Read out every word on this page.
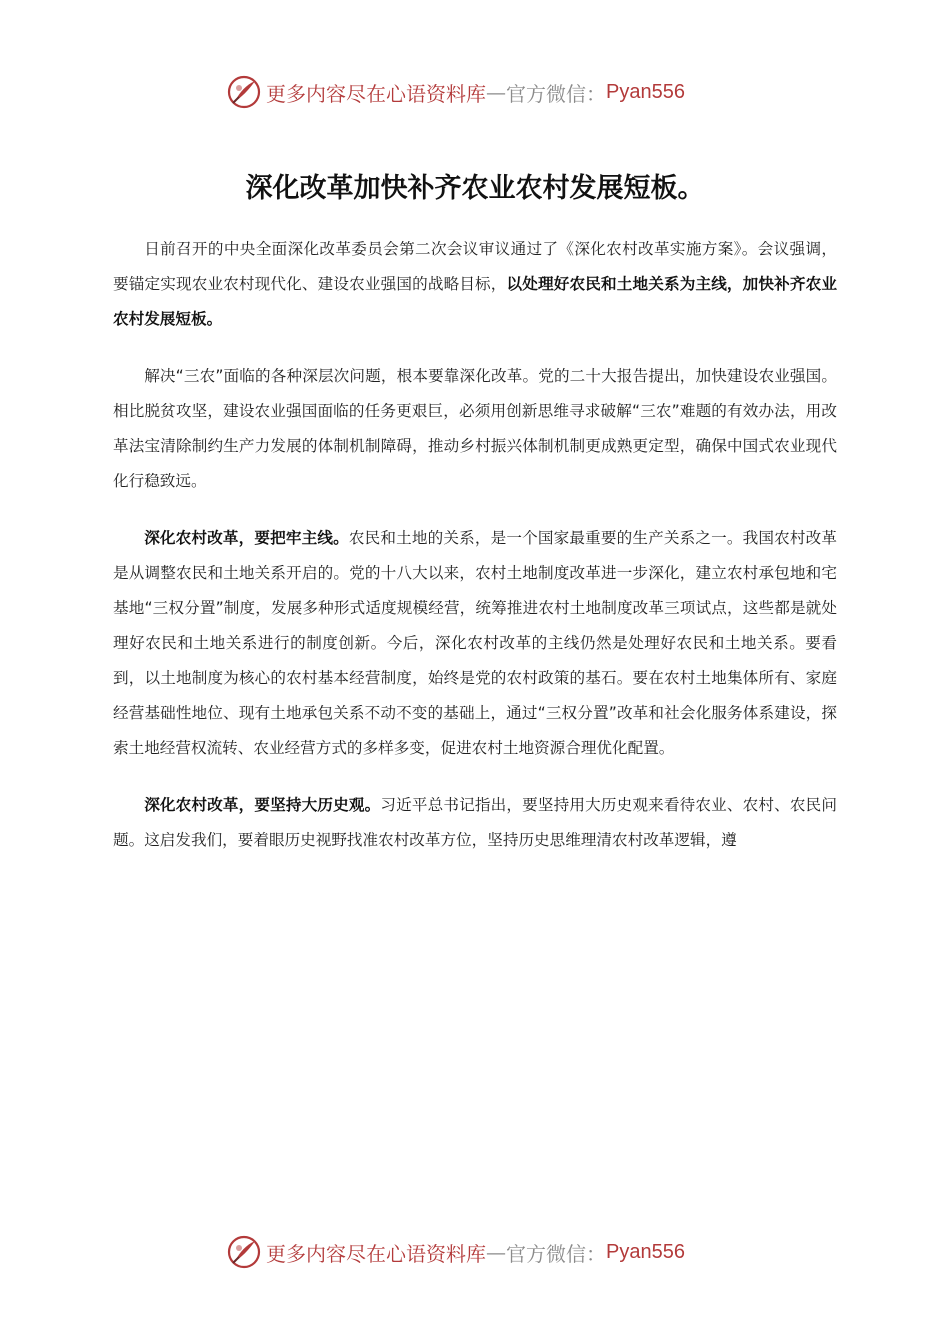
更多内容尽在心语资料库 — 官方微信： Pyan556
深化改革加快补齐农业农村发展短板。

日前召开的中央全面深化改革委员会第二次会议审议通过了《深化农村改革实施方案》。会议强调，要锚定实现农业农村现代化、建设农业强国的战略目标，以处理好农民和土地关系为主线，加快补齐农业农村发展短板。

解决“三农”面临的各种深层次问题，根本要靠深化改革。党的二十大报告提出，加快建设农业强国。相比脱贫攻坚，建设农业强国面临的任务更艰巨，必须用创新思维寻求破解“三农”难题的有效办法，用改革法宝清除制约生产力发展的体制机制障碍，推动乡村振兴体制机制更成熟更定型，确保中国式农业现代化行稳致远。

深化农村改革，要把牢主线。农民和土地的关系，是一个国家最重要的生产关系之一。我国农村改革是从调整农民和土地关系开启的。党的十八大以来，农村土地制度改革进一步深化，建立农村承包地和宅基地“三权分置”制度，发展多种形式适度规模经营，统筹推进农村土地制度改革三项试点，这些都是就处理好农民和土地关系进行的制度创新。今后，深化农村改革的主线仍然是处理好农民和土地关系。要看到，以土地制度为核心的农村基本经营制度，始终是党的农村政策的基石。要在农村土地集体所有、家庭经营基础性地位、现有土地承包关系不动不变的基础上，通过“三权分置”改革和社会化服务体系建设，探索土地经营权流转、农业经营方式的多样多变，促进农村土地资源合理优化配置。

深化农村改革，要坚持大历史观。习近平总书记指出，要坚持用大历史观来看待农业、农村、农民问题。这启发我们，要着眼历史视野找准农村改革方位，坚持历史思维理清农村改革逻辑，遵

更多内容尽在心语资料库 — 官方微信： Pyan556
